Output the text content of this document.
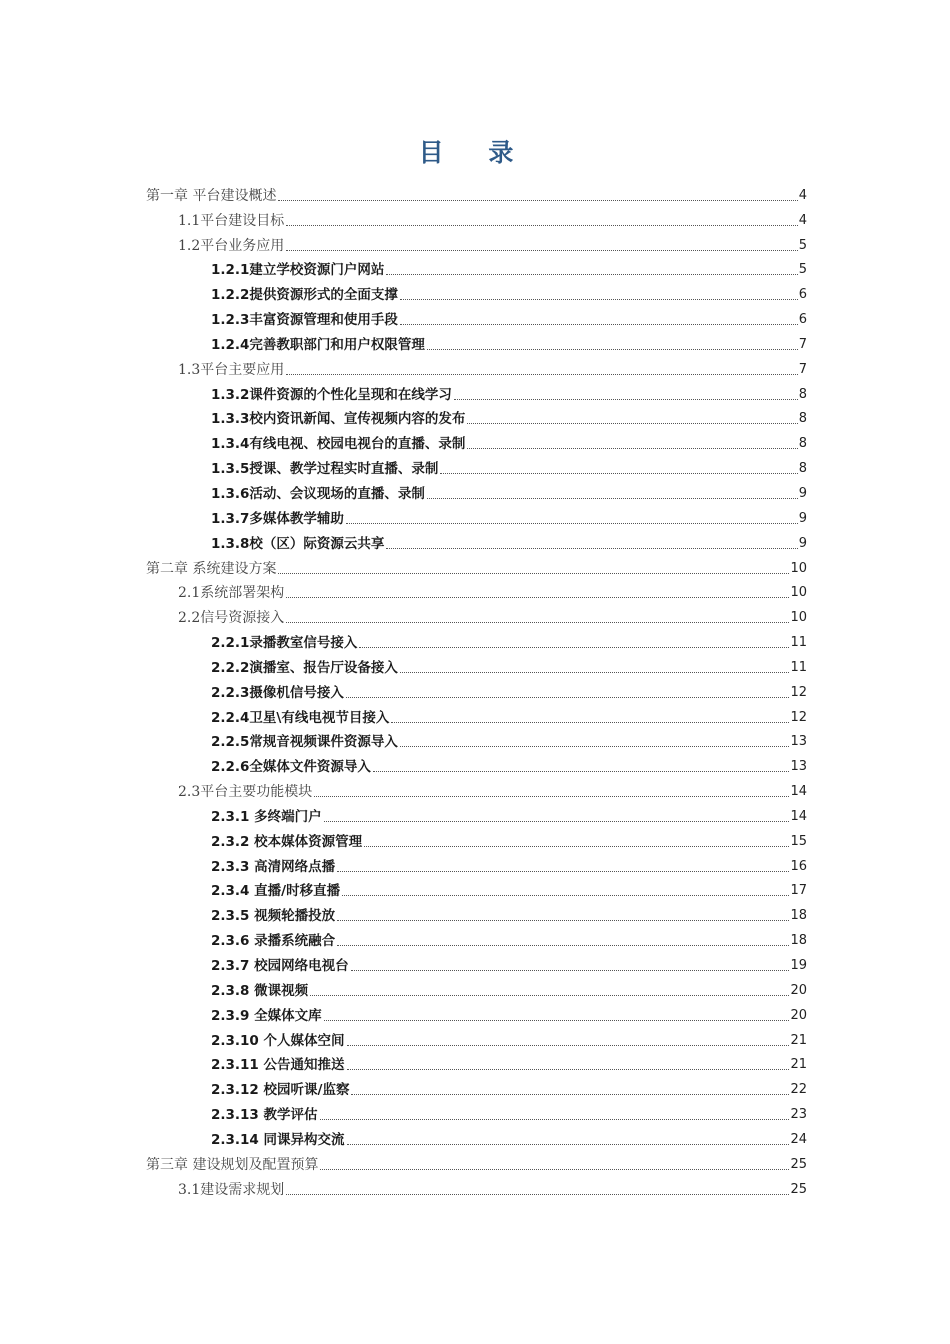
目 录
第一章 平台建设概述	4
1.1平台建设目标	4
1.2平台业务应用	5
1.2.1建立学校资源门户网站	5
1.2.2提供资源形式的全面支撑	6
1.2.3丰富资源管理和使用手段	6
1.2.4完善教职部门和用户权限管理	7
1.3平台主要应用	7
1.3.2课件资源的个性化呈现和在线学习	8
1.3.3校内资讯新闻、宣传视频内容的发布	8
1.3.4有线电视、校园电视台的直播、录制	8
1.3.5授课、教学过程实时直播、录制	8
1.3.6活动、会议现场的直播、录制	9
1.3.7多媒体教学辅助	9
1.3.8校（区）际资源云共享	9
第二章 系统建设方案	10
2.1系统部署架构	10
2.2信号资源接入	10
2.2.1录播教室信号接入	11
2.2.2演播室、报告厅设备接入	11
2.2.3摄像机信号接入	12
2.2.4卫星\有线电视节目接入	12
2.2.5常规音视频课件资源导入	13
2.2.6全媒体文件资源导入	13
2.3平台主要功能模块	14
2.3.1 多终端门户	14
2.3.2 校本媒体资源管理	15
2.3.3 高清网络点播	16
2.3.4 直播/时移直播	17
2.3.5 视频轮播投放	18
2.3.6 录播系统融合	18
2.3.7 校园网络电视台	19
2.3.8 微课视频	20
2.3.9 全媒体文库	20
2.3.10 个人媒体空间	21
2.3.11 公告通知推送	21
2.3.12 校园听课/监察	22
2.3.13 教学评估	23
2.3.14 同课异构交流	24
第三章 建设规划及配置预算	25
3.1建设需求规划	25
